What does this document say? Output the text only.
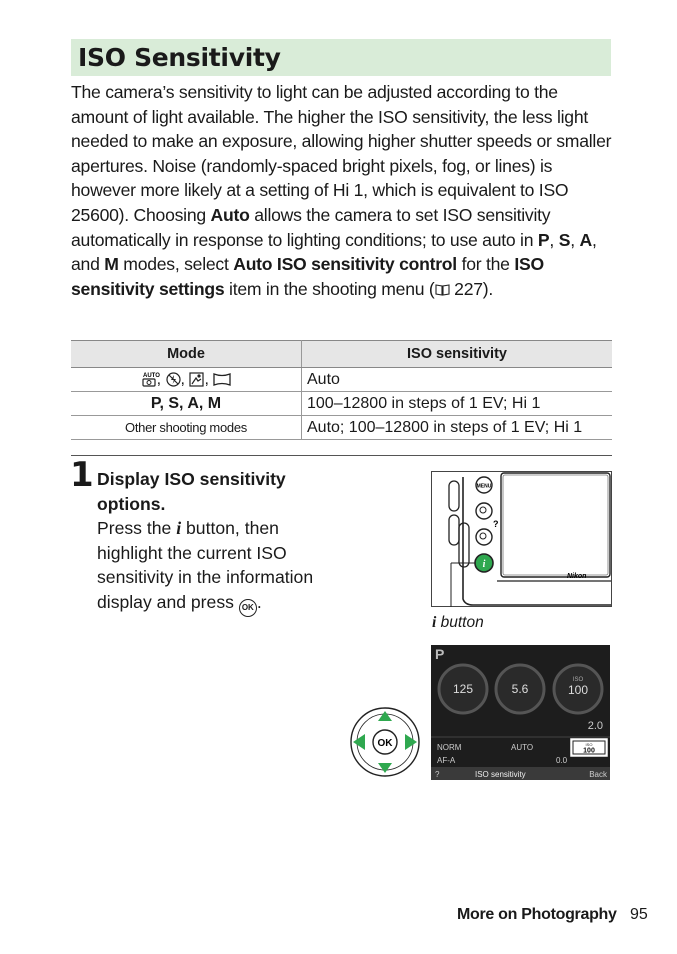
ISO Sensitivity
The camera’s sensitivity to light can be adjusted according to the amount of light available. The higher the ISO sensitivity, the less light needed to make an exposure, allowing higher shutter speeds or smaller apertures. Noise (randomly-spaced bright pixels, fog, or lines) is however more likely at a setting of Hi 1, which is equivalent to ISO 25600). Choosing Auto allows the camera to set ISO sensitivity automatically in response to lighting conditions; to use auto in P, S, A, and M modes, select Auto ISO sensitivity control for the ISO sensitivity settings item in the shooting menu ( 227).
Mode	ISO sensitivity

AUTO
, , ,	Auto
P, S, A, M	100–12800 in steps of 1 EV; Hi 1
Other shooting modes	Auto; 100–12800 in steps of 1 EV; Hi 1
1 Display ISO sensitivity options.
Press the i button, then highlight the current ISO sensitivity in the information display and press OK .
Nikon
MENU
?
i
i button
OK
P
125	5.6
ISO
100
2.0
NORM	AUTO
AF-A	0.0
ISO
100
?	ISO sensitivity	Back
More on Photography 95
